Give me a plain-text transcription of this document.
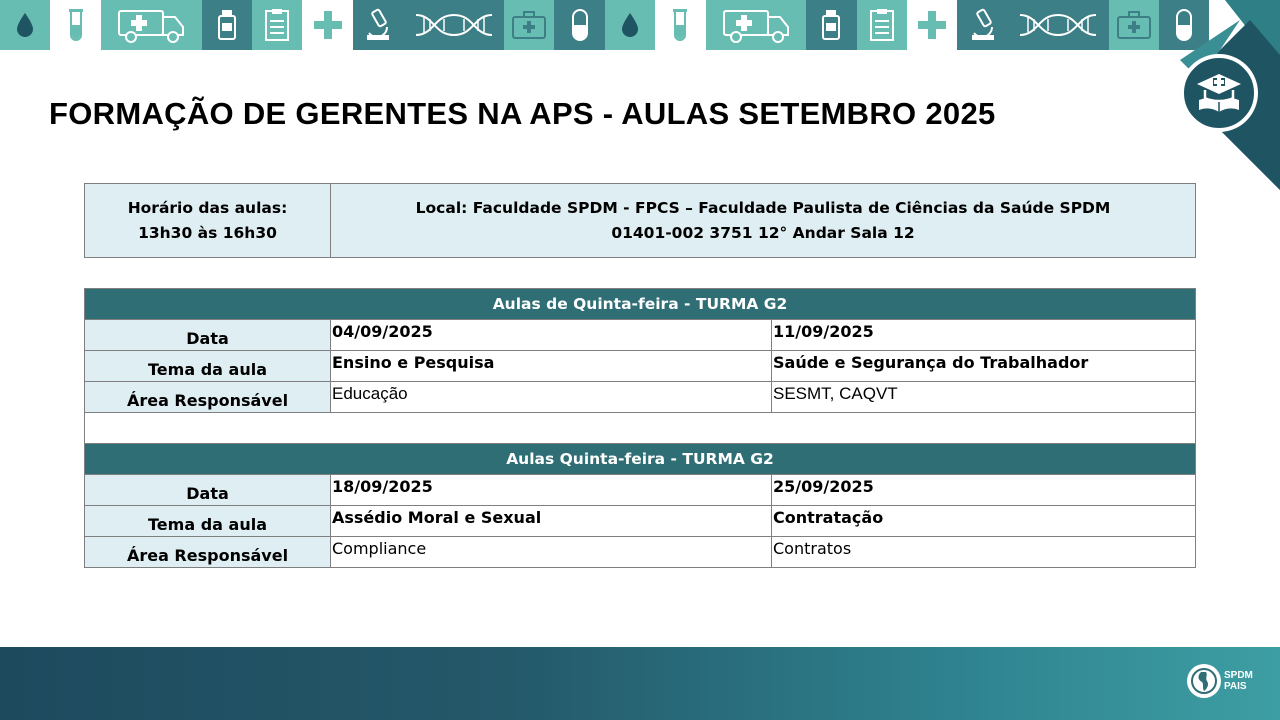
FORMAÇÃO DE GERENTES NA APS - AULAS SETEMBRO 2025
Horário das aulas:
13h30 às 16h30

Local: Faculdade SPDM - FPCS – Faculdade Paulista de Ciências da Saúde SPDM
01401-002 3751 12° Andar Sala 12
Aulas de Quinta-feira - TURMA G2		
Data	04/09/2025	11/09/2025
Tema da aula	Ensino e Pesquisa	Saúde e Segurança do Trabalhador
Área Responsável	Educação	SESMT, CAQVT

Aulas Quinta-feira - TURMA G2		
Data	18/09/2025	25/09/2025
Tema da aula	Assédio Moral e Sexual	Contratação
Área Responsável	Compliance	Contratos
SPDM
PAIS
